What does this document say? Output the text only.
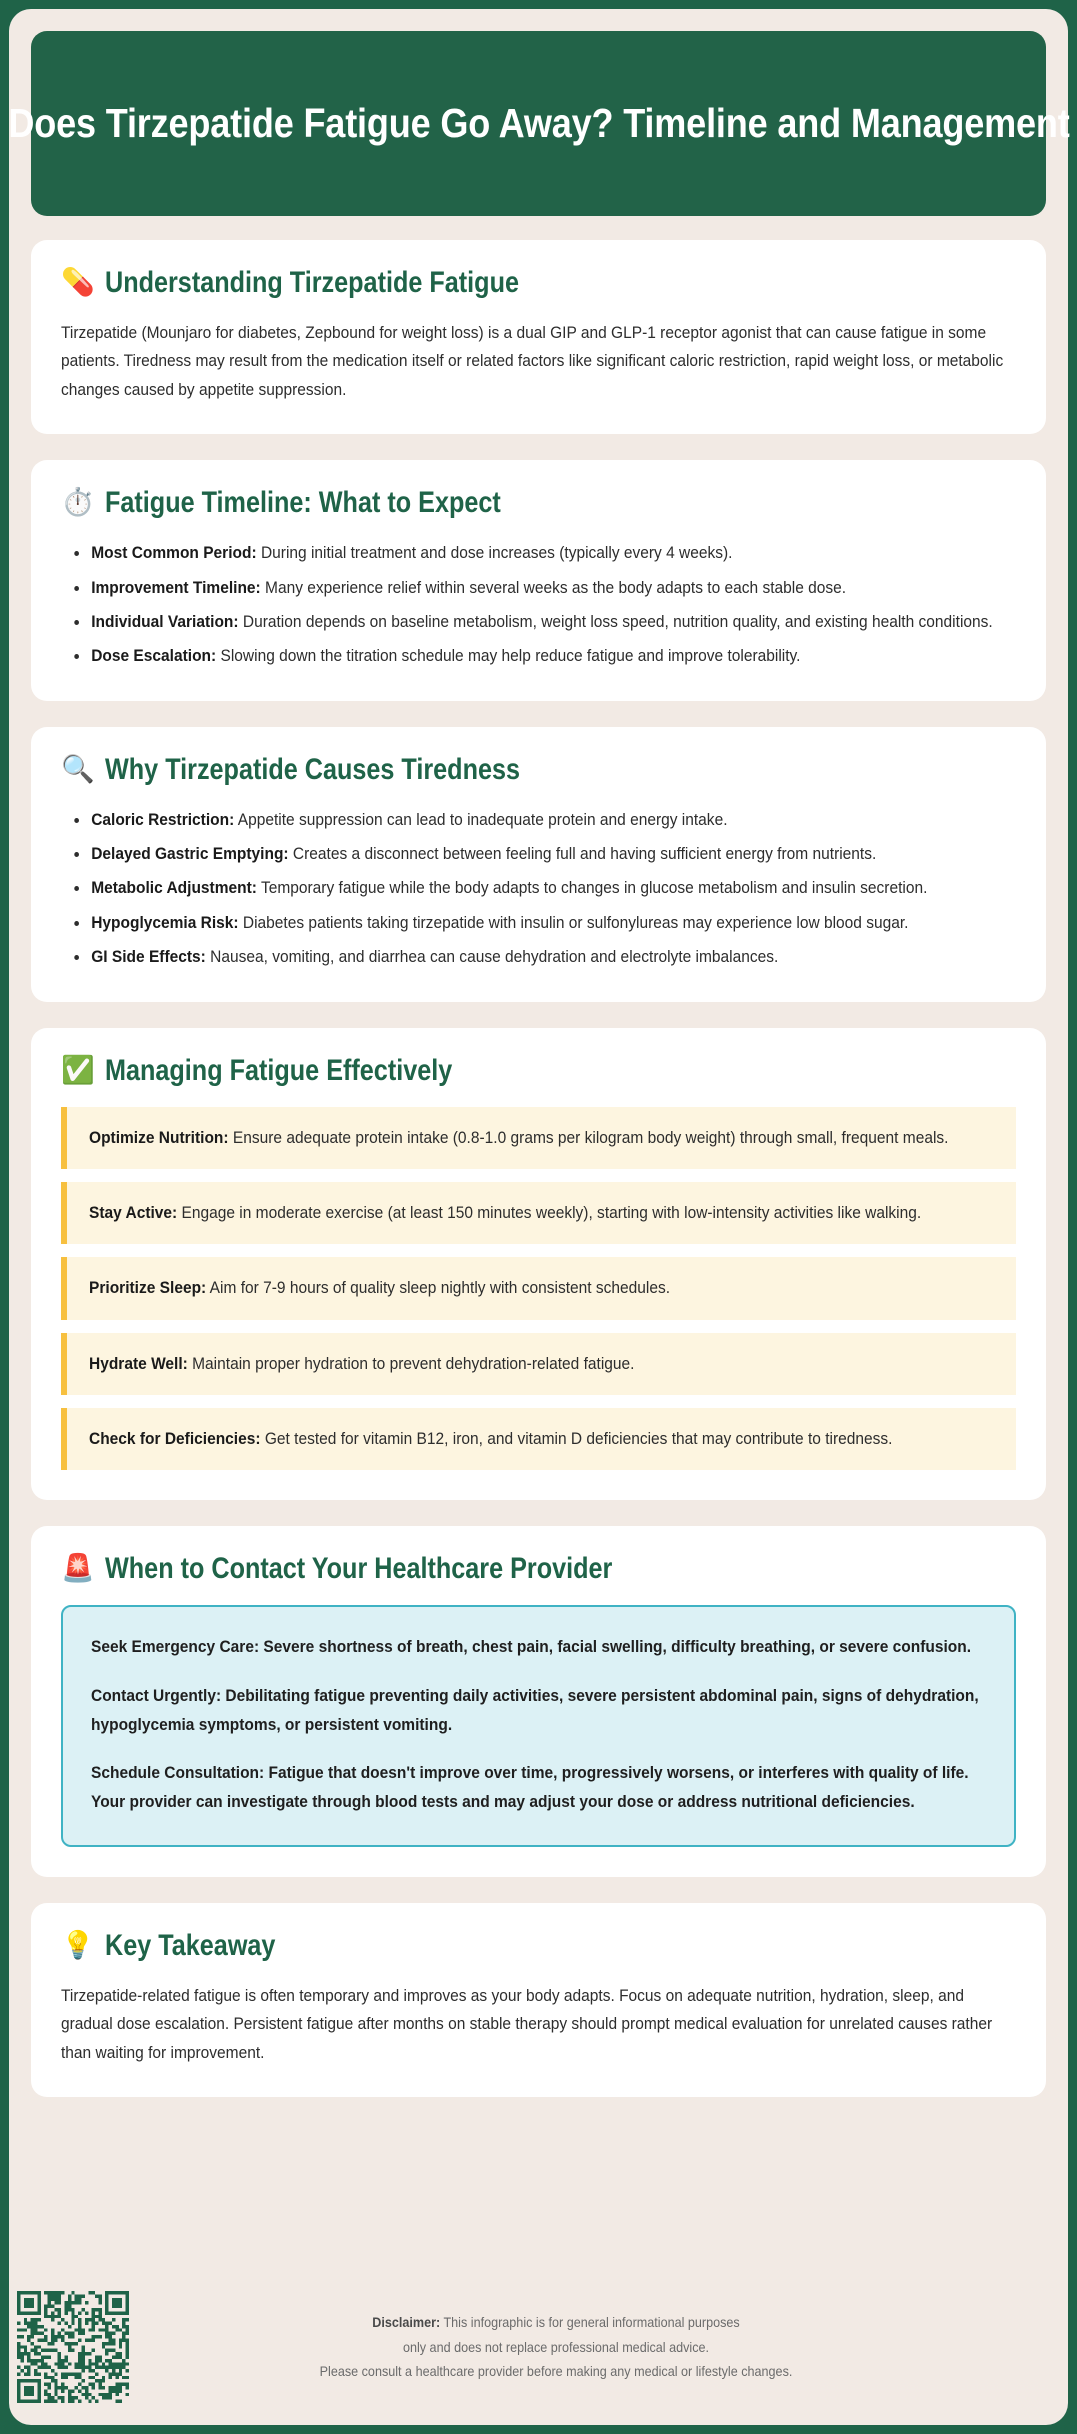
Does Tirzepatide Fatigue Go Away? Timeline and Management
💊 Understanding Tirzepatide Fatigue
Tirzepatide (Mounjaro for diabetes, Zepbound for weight loss) is a dual GIP and GLP-1 receptor agonist that can cause fatigue in some patients. Tiredness may result from the medication itself or related factors like significant caloric restriction, rapid weight loss, or metabolic changes caused by appetite suppression.
⏱️ Fatigue Timeline: What to Expect
Most Common Period: During initial treatment and dose increases (typically every 4 weeks).
Improvement Timeline: Many experience relief within several weeks as the body adapts to each stable dose.
Individual Variation: Duration depends on baseline metabolism, weight loss speed, nutrition quality, and existing health conditions.
Dose Escalation: Slowing down the titration schedule may help reduce fatigue and improve tolerability.
🔍 Why Tirzepatide Causes Tiredness
Caloric Restriction: Appetite suppression can lead to inadequate protein and energy intake.
Delayed Gastric Emptying: Creates a disconnect between feeling full and having sufficient energy from nutrients.
Metabolic Adjustment: Temporary fatigue while the body adapts to changes in glucose metabolism and insulin secretion.
Hypoglycemia Risk: Diabetes patients taking tirzepatide with insulin or sulfonylureas may experience low blood sugar.
GI Side Effects: Nausea, vomiting, and diarrhea can cause dehydration and electrolyte imbalances.
✅ Managing Fatigue Effectively
Optimize Nutrition: Ensure adequate protein intake (0.8-1.0 grams per kilogram body weight) through small, frequent meals.
Stay Active: Engage in moderate exercise (at least 150 minutes weekly), starting with low-intensity activities like walking.
Prioritize Sleep: Aim for 7-9 hours of quality sleep nightly with consistent schedules.
Hydrate Well: Maintain proper hydration to prevent dehydration-related fatigue.
Check for Deficiencies: Get tested for vitamin B12, iron, and vitamin D deficiencies that may contribute to tiredness.
🚨 When to Contact Your Healthcare Provider

Seek Emergency Care: Severe shortness of breath, chest pain, facial swelling, difficulty breathing, or severe confusion.

Contact Urgently: Debilitating fatigue preventing daily activities, severe persistent abdominal pain, signs of dehydration, hypoglycemia symptoms, or persistent vomiting.

Schedule Consultation: Fatigue that doesn't improve over time, progressively worsens, or interferes with quality of life. Your provider can investigate through blood tests and may adjust your dose or address nutritional deficiencies.

💡 Key Takeaway
Tirzepatide-related fatigue is often temporary and improves as your body adapts. Focus on adequate nutrition, hydration, sleep, and gradual dose escalation. Persistent fatigue after months on stable therapy should prompt medical evaluation for unrelated causes rather than waiting for improvement.
Disclaimer: This infographic is for general informational purposes
only and does not replace professional medical advice.
Please consult a healthcare provider before making any medical or lifestyle changes.
